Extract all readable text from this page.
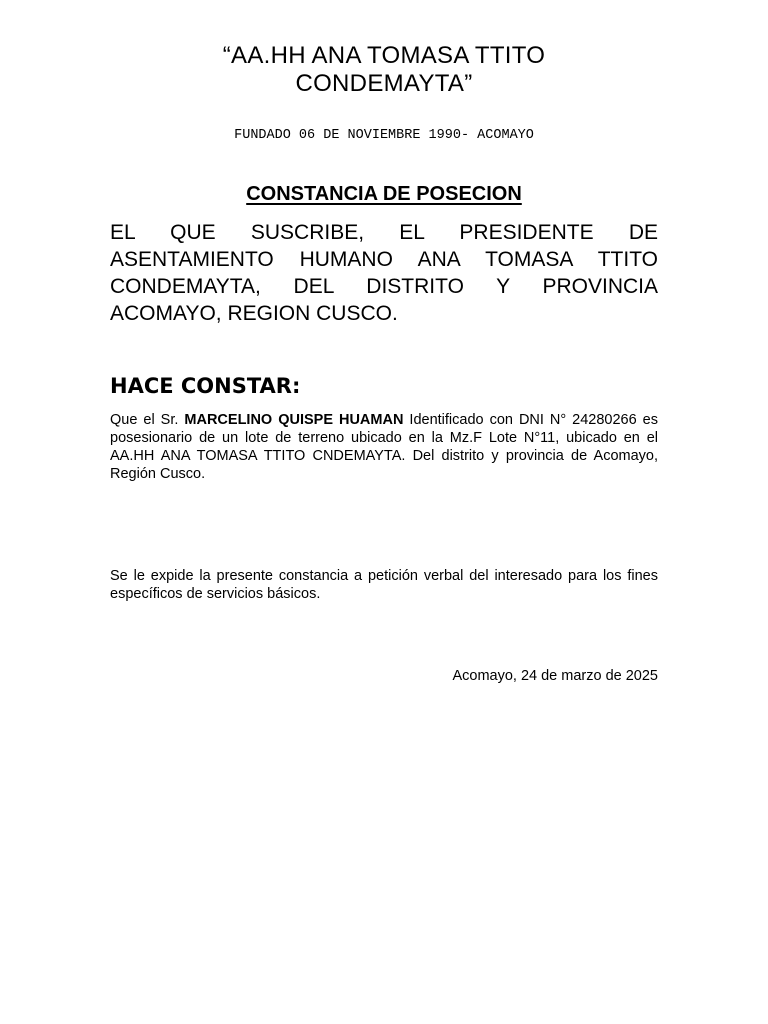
“AA.HH ANA TOMASA TTITO
CONDEMAYTA”
FUNDADO 06 DE NOVIEMBRE 1990- ACOMAYO
CONSTANCIA DE POSECION
EL QUE SUSCRIBE, EL PRESIDENTE DE ASENTAMIENTO HUMANO ANA TOMASA TTITO CONDEMAYTA, DEL DISTRITO Y PROVINCIA ACOMAYO, REGION CUSCO.
HACE CONSTAR:
Que el Sr. MARCELINO QUISPE HUAMAN Identificado con DNI N° 24280266 es posesionario de un lote de terreno ubicado en la Mz.F Lote N°11, ubicado en el AA.HH ANA TOMASA TTITO CNDEMAYTA. Del distrito y provincia de Acomayo, Región Cusco.
Se le expide la presente constancia a petición verbal del interesado para los fines específicos de servicios básicos.
Acomayo, 24 de marzo de 2025
